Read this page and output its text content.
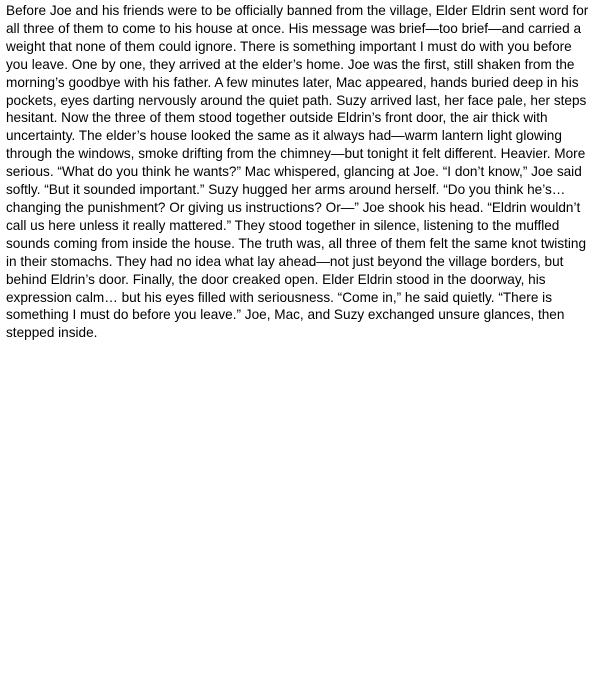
Before Joe and his friends were to be officially banned from the village, Elder Eldrin sent word for all three of them to come to his house at once. His message was brief—too brief—and carried a weight that none of them could ignore. There is something important I must do with you before you leave. One by one, they arrived at the elder’s home. Joe was the first, still shaken from the morning’s goodbye with his father. A few minutes later, Mac appeared, hands buried deep in his pockets, eyes darting nervously around the quiet path. Suzy arrived last, her face pale, her steps hesitant. Now the three of them stood together outside Eldrin’s front door, the air thick with uncertainty. The elder’s house looked the same as it always had—warm lantern light glowing through the windows, smoke drifting from the chimney—but tonight it felt different. Heavier. More serious. “What do you think he wants?” Mac whispered, glancing at Joe. “I don’t know,” Joe said softly. “But it sounded important.” Suzy hugged her arms around herself. “Do you think he’s… changing the punishment? Or giving us instructions? Or—” Joe shook his head. “Eldrin wouldn’t call us here unless it really mattered.” They stood together in silence, listening to the muffled sounds coming from inside the house. The truth was, all three of them felt the same knot twisting in their stomachs. They had no idea what lay ahead—not just beyond the village borders, but behind Eldrin’s door. Finally, the door creaked open. Elder Eldrin stood in the doorway, his expression calm… but his eyes filled with seriousness. “Come in,” he said quietly. “There is something I must do before you leave.” Joe, Mac, and Suzy exchanged unsure glances, then stepped inside.
